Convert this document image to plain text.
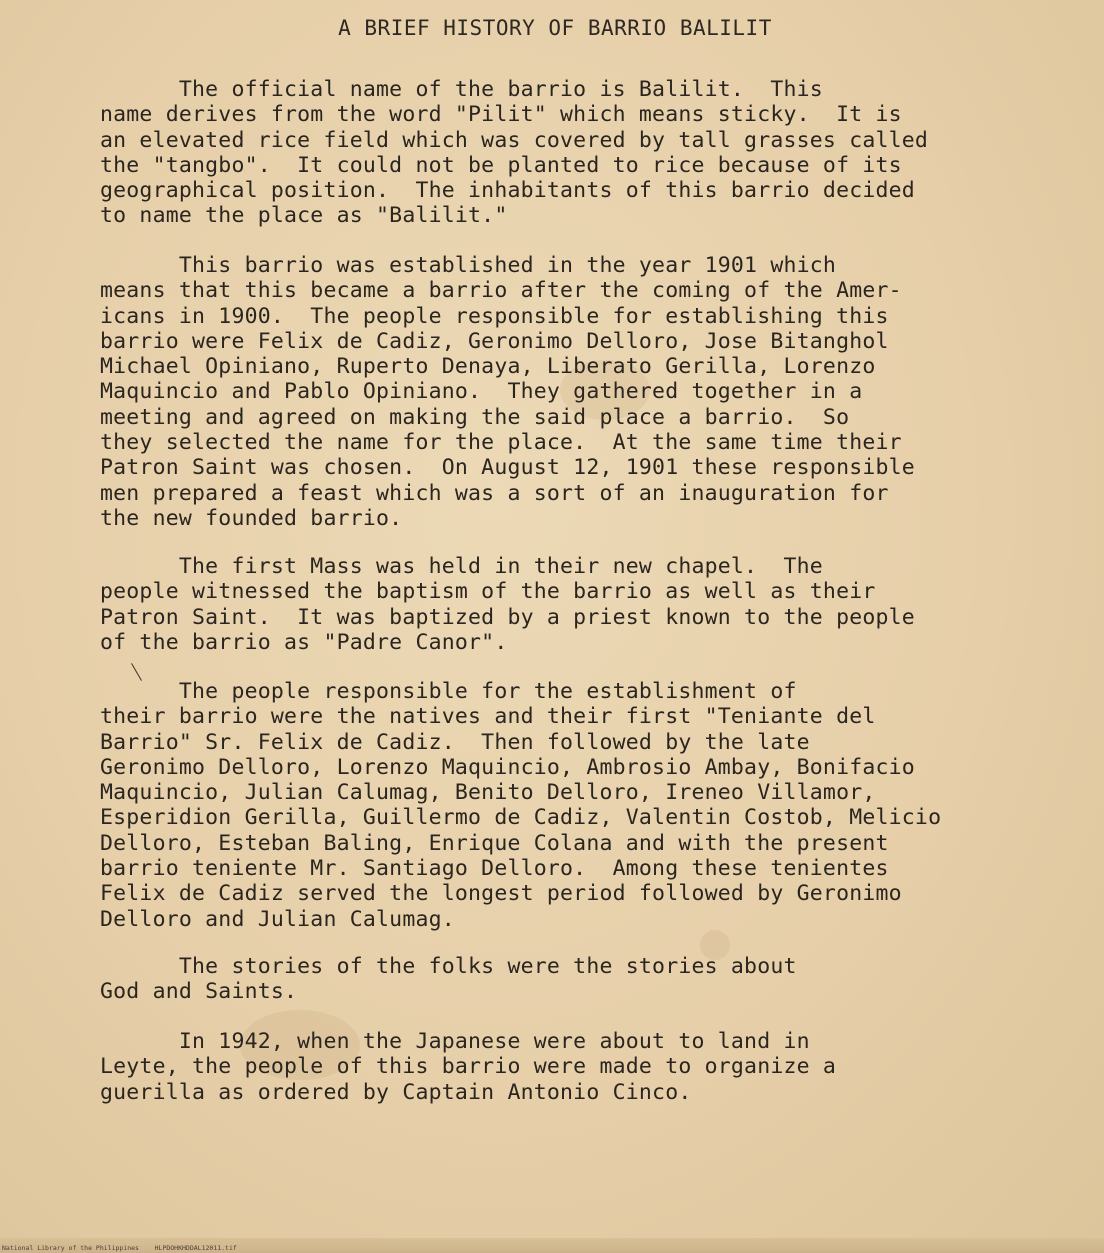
A BRIEF HISTORY OF BARRIO BALILIT
The official name of the barrio is Balilit.  This
name derives from the word "Pilit" which means sticky.  It is
an elevated rice field which was covered by tall grasses called
the "tangbo".  It could not be planted to rice because of its
geographical position.  The inhabitants of this barrio decided
to name the place as "Balilit."
This barrio was established in the year 1901 which
means that this became a barrio after the coming of the Amer-
icans in 1900.  The people responsible for establishing this
barrio were Felix de Cadiz, Geronimo Delloro, Jose Bitanghol
Michael Opiniano, Ruperto Denaya, Liberato Gerilla, Lorenzo
Maquincio and Pablo Opiniano.  They gathered together in a
meeting and agreed on making the said place a barrio.  So
they selected the name for the place.  At the same time their
Patron Saint was chosen.  On August 12, 1901 these responsible
men prepared a feast which was a sort of an inauguration for
the new founded barrio.
The first Mass was held in their new chapel.  The
people witnessed the baptism of the barrio as well as their
Patron Saint.  It was baptized by a priest known to the people
of the barrio as "Padre Canor".
The people responsible for the establishment of
their barrio were the natives and their first "Teniante del
Barrio" Sr. Felix de Cadiz.  Then followed by the late
Geronimo Delloro, Lorenzo Maquincio, Ambrosio Ambay, Bonifacio
Maquincio, Julian Calumag, Benito Delloro, Ireneo Villamor,
Esperidion Gerilla, Guillermo de Cadiz, Valentin Costob, Melicio
Delloro, Esteban Baling, Enrique Colana and with the present
barrio teniente Mr. Santiago Delloro.  Among these tenientes
Felix de Cadiz served the longest period followed by Geronimo
Delloro and Julian Calumag.
The stories of the folks were the stories about
God and Saints.
In 1942, when the Japanese were about to land in
Leyte, the people of this barrio were made to organize a
guerilla as ordered by Captain Antonio Cinco.
National Library of the Philippines    HLPDOHKHDDAL12011.tif
